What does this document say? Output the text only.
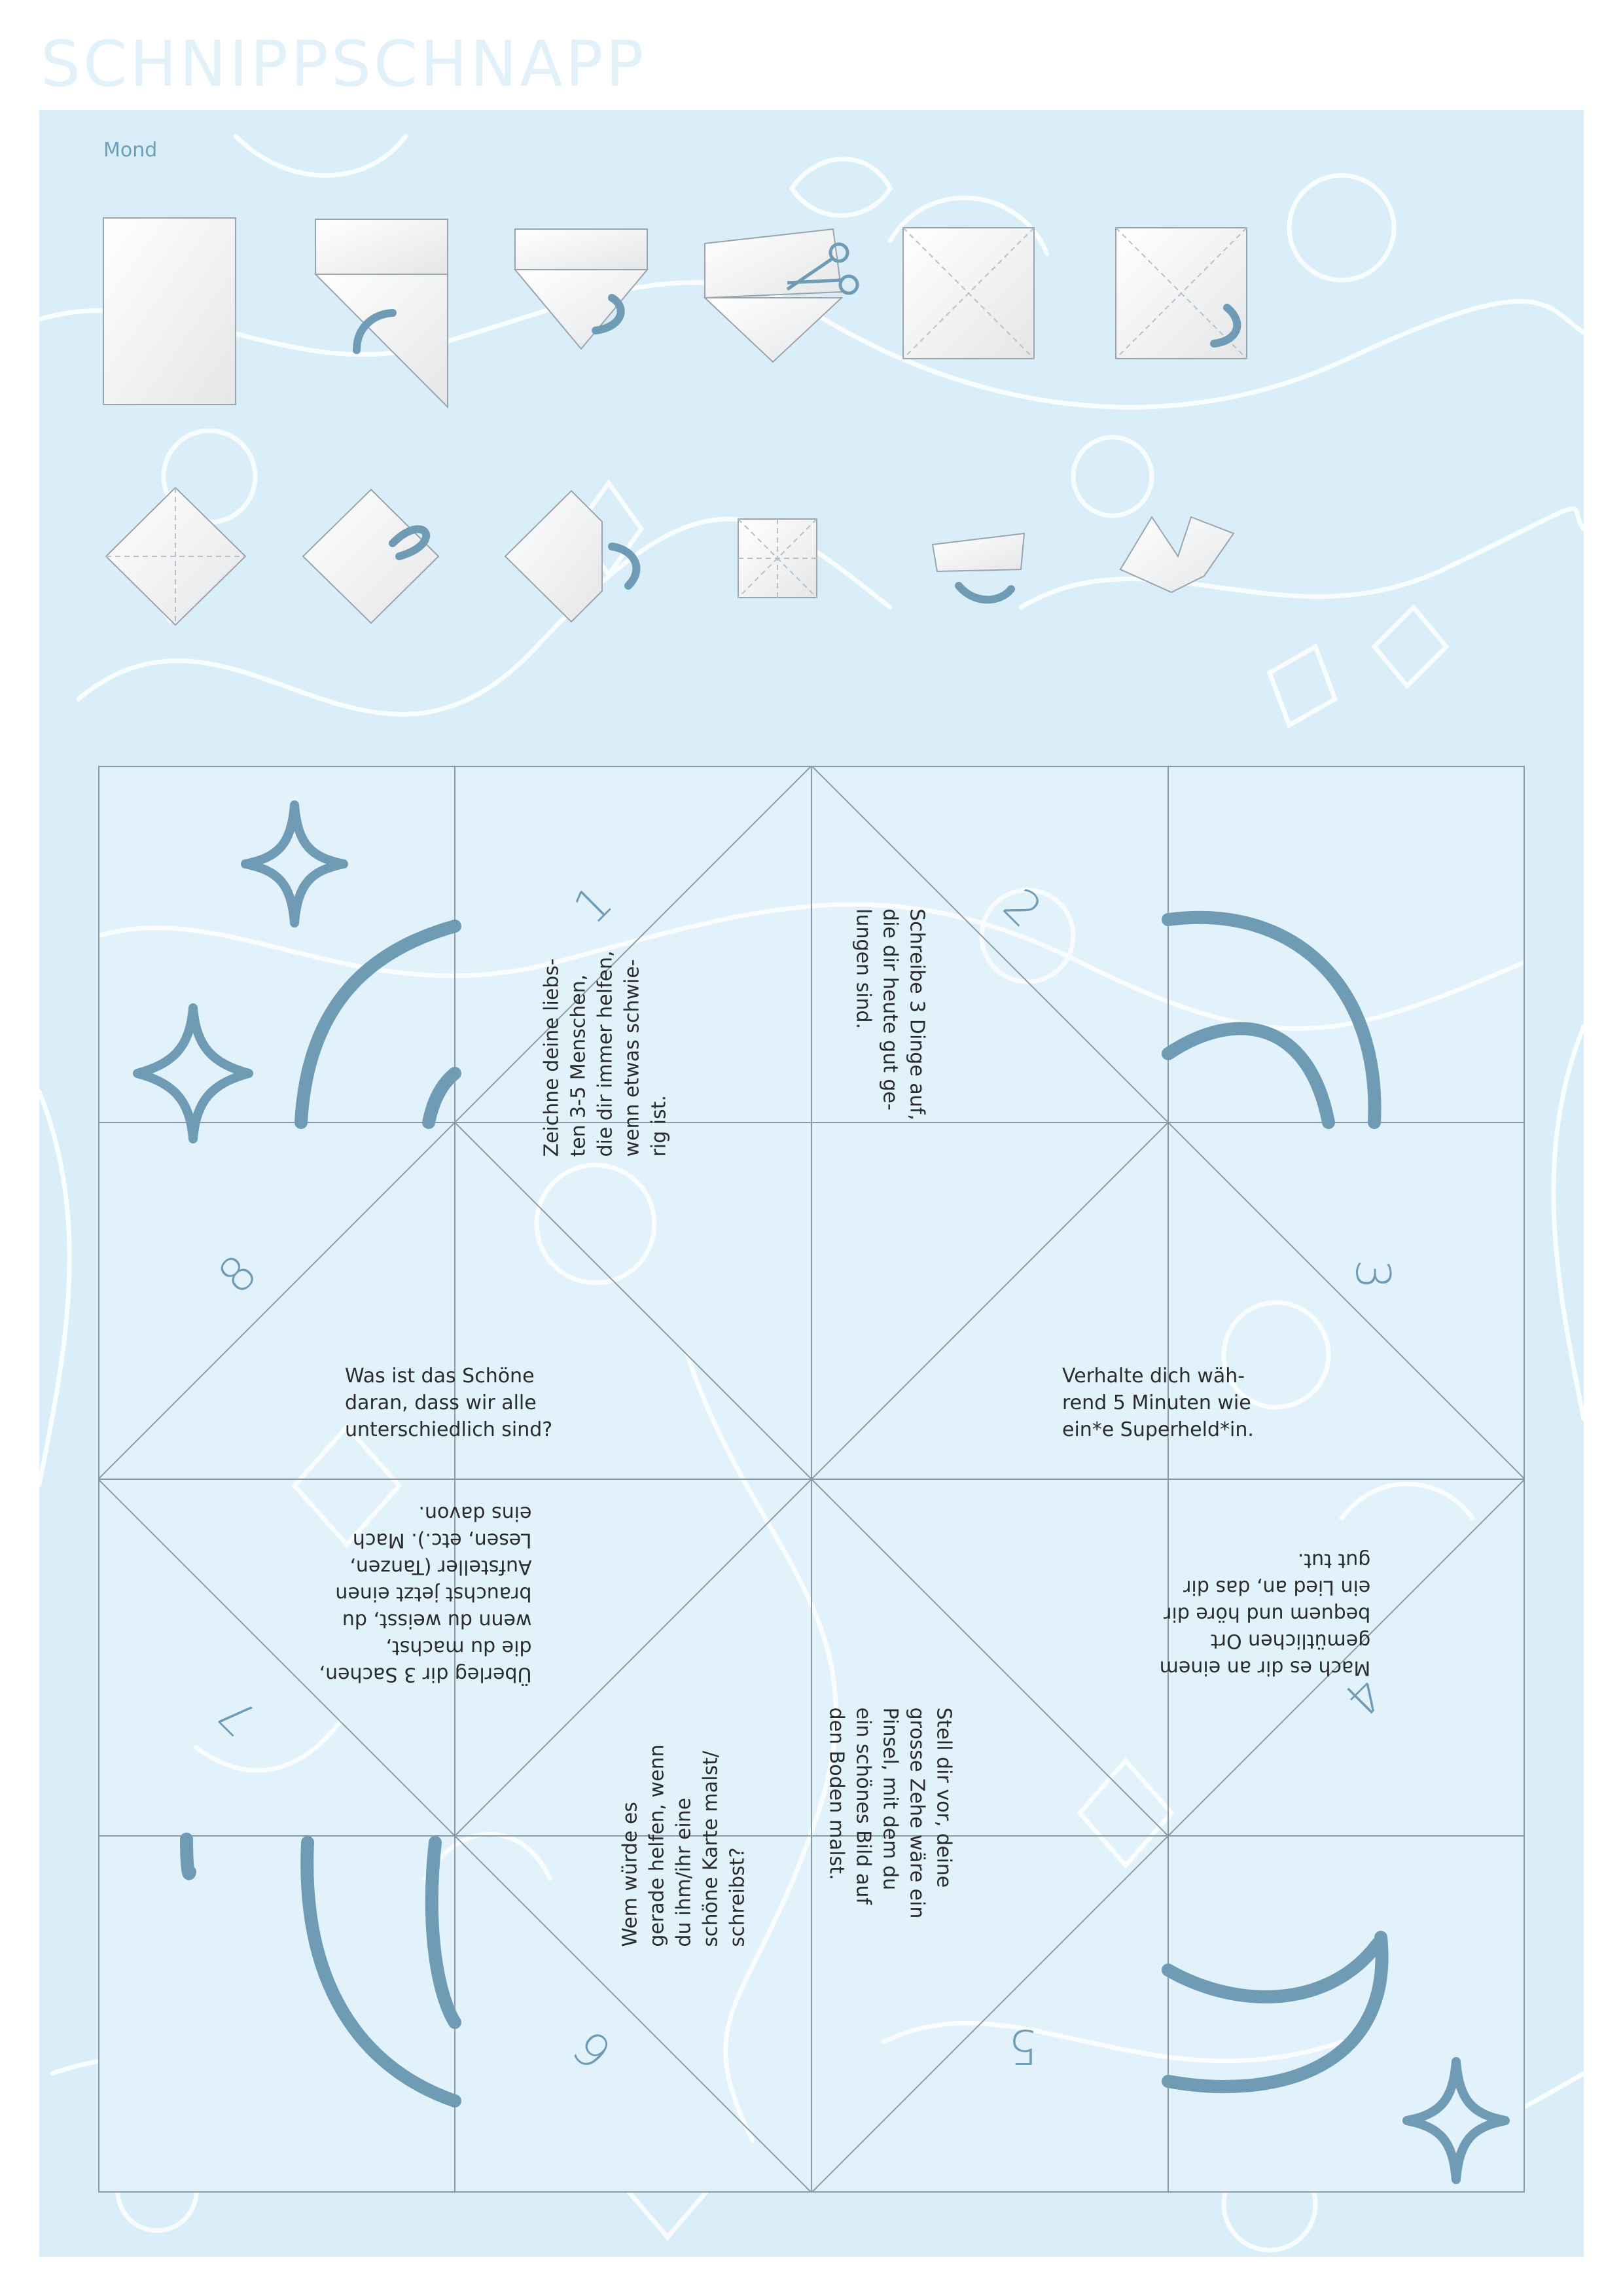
SCHNIPPSCHNAPP
1	2
3
4
5
6
7
8
Zeichne deine liebs-
ten 3-5 Menschen,
die dir immer helfen,
wenn etwas schwie-
rig ist.
Schreibe 3 Dinge auf,
die dir heute gut ge-
lungen sind.
Verhalte dich wäh-
rend 5 Minuten wie
ein*e Superheld*in.
Mach es dir an einem
gemütlichen Ort
bequem und höre dir
ein Lied an, das dir
gut tut.
Stell dir vor, deine
grosse Zehe wäre ein
Pinsel, mit dem du
ein schönes Bild auf
den Boden malst.
Wem würde es
gerade helfen, wenn
du ihm/ihr eine
schöne Karte malst/
schreibst?
Überleg dir 3 Sachen,
die du machst,
wenn du weisst, du
brauchst jetzt einen
Aufsteller (Tanzen,
Lesen, etc.). Mach
eins davon.
Was ist das Schöne
daran, dass wir alle
unterschiedlich sind?
Mond
